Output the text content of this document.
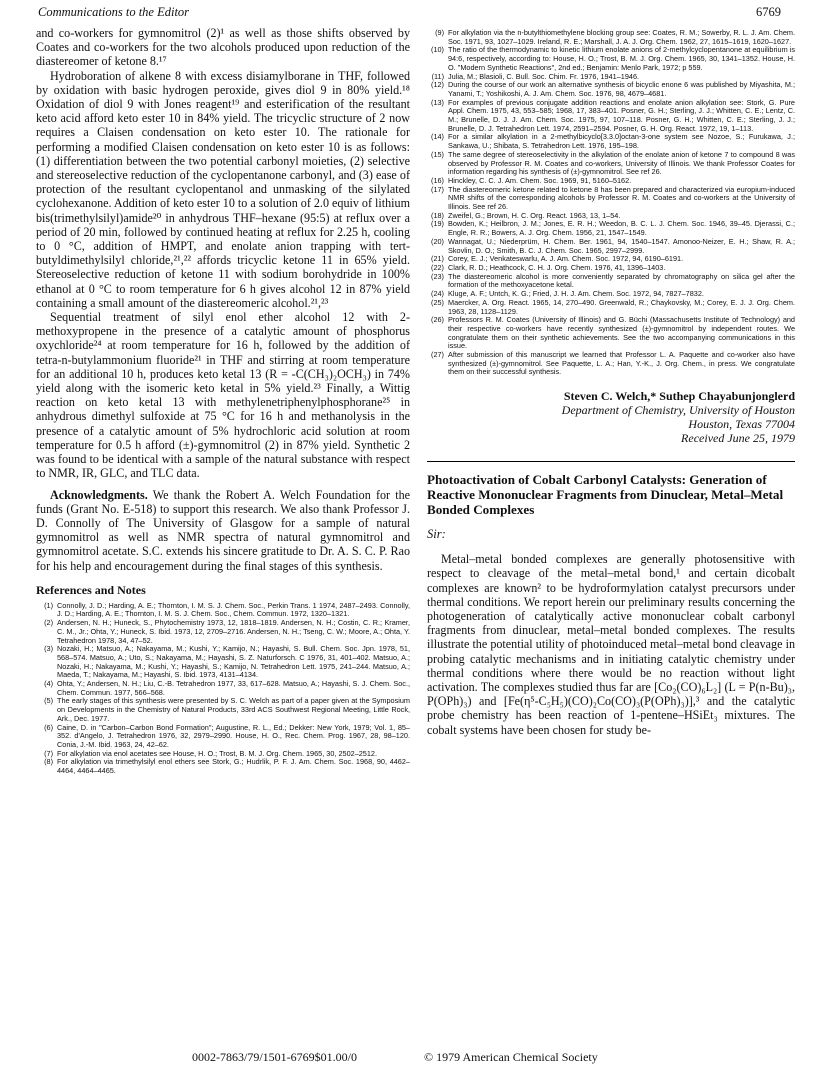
Communications to the Editor	6769

and co-workers for gymnomitrol (2)¹ as well as those shifts observed by Coates and co-workers for the two alcohols produced upon reduction of the diastereomer of ketone 8.¹⁷

Hydroboration of alkene 8 with excess disiamylborane in THF, followed by oxidation with basic hydrogen peroxide, gives diol 9 in 80% yield.¹⁸ Oxidation of diol 9 with Jones reagent¹⁹ and esterification of the resultant keto acid afford keto ester 10 in 84% yield. The tricyclic structure of 2 now requires a Claisen condensation on keto ester 10. The rationale for performing a modified Claisen condensation on keto ester 10 is as follows: (1) differentiation between the two potential carbonyl moieties, (2) selective and stereoselective reduction of the cyclopentanone carbonyl, and (3) ease of protection of the resultant cyclopentanol and unmasking of the silylated cyclohexanone. Addition of keto ester 10 to a solution of 2.0 equiv of lithium bis(trimethylsilyl)amide²⁰ in anhydrous THF–hexane (95:5) at reflux over a period of 20 min, followed by continued heating at reflux for 2.25 h, cooling to 0 °C, addition of HMPT, and enolate anion trapping with tert-butyldimethylsilyl chloride,²¹,²² affords tricyclic ketone 11 in 65% yield. Stereoselective reduction of ketone 11 with sodium borohydride in 100% ethanol at 0 °C to room temperature for 6 h gives alcohol 12 in 87% yield containing a small amount of the diastereomeric alcohol.²¹,²³

Sequential treatment of silyl enol ether alcohol 12 with 2-methoxypropene in the presence of a catalytic amount of phosphorus oxychloride²⁴ at room temperature for 16 h, followed by the addition of tetra-n-butylammonium fluoride²¹ in THF and stirring at room temperature for an additional 10 h, produces keto ketal 13 (R = -C(CH₃)₂OCH₃) in 74% yield along with the isomeric keto ketal in 5% yield.²³ Finally, a Wittig reaction on keto ketal 13 with methylenetriphenylphosphorane²⁵ in anhydrous dimethyl sulfoxide at 75 °C for 16 h and methanolysis in the presence of a catalytic amount of 5% hydrochloric acid solution at room temperature for 0.5 h afford (±)-gymnomitrol (2) in 87% yield. Synthetic 2 was found to be identical with a sample of the natural substance with respect to NMR, IR, GLC, and TLC data.

Acknowledgments. We thank the Robert A. Welch Foundation for the funds (Grant No. E-518) to support this research. We also thank Professor J. D. Connolly of The University of Glasgow for a sample of natural gymnomitrol as well as NMR spectra of natural gymnomitrol and gymnomitrol acetate. S.C. extends his sincere gratitude to Dr. A. S. C. P. Rao for his help and encouragement during the final stages of this synthesis.
References and Notes
(1) Connolly, J. D.; Harding, A. E.; Thornton, I. M. S. J. Chem. Soc., Perkin Trans. 1 1974, 2487–2493. Connolly, J. D.; Harding, A. E.; Thornton, I. M. S. J. Chem. Soc., Chem. Commun. 1972, 1320–1321.
(2) Andersen, N. H.; Huneck, S., Phytochemistry 1973, 12, 1818–1819. Andersen, N. H.; Costin, C. R.; Kramer, C. M., Jr.; Ohta, Y.; Huneck, S. Ibid. 1973, 12, 2709–2716. Andersen, N. H.; Tseng, C. W.; Moore, A.; Ohta, Y. Tetrahedron 1978, 34, 47–52.
(3) Nozaki, H.; Matsuo, A.; Nakayama, M.; Kushi, Y.; Kamijo, N.; Hayashi, S. Bull. Chem. Soc. Jpn. 1978, 51, 568–574. Matsuo, A.; Uto, S.; Nakayama, M.; Hayashi, S. Z. Naturforsch. C 1976, 31, 401–402. Matsuo, A.; Nozaki, H.; Nakayama, M.; Kushi, Y.; Hayashi, S.; Kamijo, N. Tetrahedron Lett. 1975, 241–244. Matsuo, A.; Maeda, T.; Nakayama, M.; Hayashi, S. Ibid. 1973, 4131–4134.
(4) Ohta, Y.; Andersen, N. H.; Liu, C.-B. Tetrahedron 1977, 33, 617–628. Matsuo, A.; Hayashi, S. J. Chem. Soc., Chem. Commun. 1977, 566–568.
(5) The early stages of this synthesis were presented by S. C. Welch as part of a paper given at the Symposium on Developments in the Chemistry of Natural Products, 33rd ACS Southwest Regional Meeting, Little Rock, Ark., Dec. 1977.
(6) Caine, D. in "Carbon–Carbon Bond Formation"; Augustine, R. L., Ed.; Dekker: New York, 1979; Vol. 1, 85–352. d'Angelo, J. Tetrahedron 1976, 32, 2979–2990. House, H. O., Rec. Chem. Prog. 1967, 28, 98–120. Conia, J.-M. Ibid. 1963, 24, 42–62.
(7) For alkylation via enol acetates see House, H. O.; Trost, B. M. J. Org. Chem. 1965, 30, 2502–2512.
(8) For alkylation via trimethylsilyl enol ethers see Stork, G.; Hudrlik, P. F. J. Am. Chem. Soc. 1968, 90, 4462–4464, 4464–4465.
(9) For alkylation via the n-butylthiomethylene blocking group see: Coates, R. M.; Sowerby, R. L. J. Am. Chem. Soc. 1971, 93, 1027–1029. Ireland, R. E.; Marshall, J. A. J. Org. Chem. 1962, 27, 1615–1619, 1620–1627.
(10) The ratio of the thermodynamic to kinetic lithium enolate anions of 2-methylcyclopentanone at equilibrium is 94:6, respectively, according to: House, H. O.; Trost, B. M. J. Org. Chem. 1965, 30, 1341–1352. House, H. O. "Modern Synthetic Reactions", 2nd ed.; Benjamin: Menlo Park, 1972; p 559.
(11) Julia, M.; Blasioli, C. Bull. Soc. Chim. Fr. 1976, 1941–1946.
(12) During the course of our work an alternative synthesis of bicyclic enone 6 was published by Miyashita, M.; Yanami, T.; Yoshikoshi, A. J. Am. Chem. Soc. 1976, 98, 4679–4681.
(13) For examples of previous conjugate addition reactions and enolate anion alkylation see: Stork, G. Pure Appl. Chem. 1975, 43, 553–585; 1968, 17, 383–401. Posner, G. H.; Sterling, J. J.; Whitten, C. E.; Lentz, C. M.; Brunelle, D. J. J. Am. Chem. Soc. 1975, 97, 107–118. Posner, G. H.; Whitten, C. E.; Sterling, J. J.; Brunelle, D. J. Tetrahedron Lett. 1974, 2591–2594. Posner, G. H. Org. React. 1972, 19, 1–113.
(14) For a similar alkylation in a 2-methylbicyclo[3.3.0]octan-3-one system see Nozoe, S.; Furukawa, J.; Sankawa, U.; Shibata, S. Tetrahedron Lett. 1976, 195–198.
(15) The same degree of stereoselectivity in the alkylation of the enolate anion of ketone 7 to compound 8 was observed by Professor R. M. Coates and co-workers, University of Illinois. We thank Professor Coates for information regarding his synthesis of (±)-gymnomitrol. See ref 26.
(16) Hinckley, C. C. J. Am. Chem. Soc. 1969, 91, 5160–5162.
(17) The diastereomeric ketone related to ketone 8 has been prepared and characterized via europium-induced NMR shifts of the corresponding alcohols by Professor R. M. Coates and co-workers at the University of Illinois. See ref 26.
(18) Zweifel, G.; Brown, H. C. Org. React. 1963, 13, 1–54.
(19) Bowden, K.; Heilbron, J. M.; Jones, E. R. H.; Weedon, B. C. L. J. Chem. Soc. 1946, 39–45. Djerassi, C.; Engle, R. R.; Bowers, A. J. Org. Chem. 1956, 21, 1547–1549.
(20) Wannagat, U.; Niederprüm, H. Chem. Ber. 1961, 94, 1540–1547. Amonoo-Neizer, E. H.; Shaw, R. A.; Skovlin, D. O.; Smith, B. C. J. Chem. Soc. 1965, 2997–2999.
(21) Corey, E. J.; Venkateswarlu, A. J. Am. Chem. Soc. 1972, 94, 6190–6191.
(22) Clark, R. D.; Heathcock, C. H. J. Org. Chem. 1976, 41, 1396–1403.
(23) The diastereomeric alcohol is more conveniently separated by chromatography on silica gel after the formation of the methoxyacetone ketal.
(24) Kluge, A. F.; Untch, K. G.; Fried, J. H. J. Am. Chem. Soc. 1972, 94, 7827–7832.
(25) Maercker, A. Org. React. 1965, 14, 270–490. Greenwald, R.; Chaykovsky, M.; Corey, E. J. J. Org. Chem. 1963, 28, 1128–1129.
(26) Professors R. M. Coates (University of Illinois) and G. Büchi (Massachusetts Institute of Technology) and their respective co-workers have recently synthesized (±)-gymnomitrol by independent routes. We congratulate them on their synthetic achievements. See the two accompanying communications in this issue.
(27) After submission of this manuscript we learned that Professor L. A. Paquette and co-worker also have synthesized (±)-gymnomitrol. See Paquette, L. A.; Han, Y.-K., J. Org. Chem., in press. We congratulate them on their successful synthesis.
Steven C. Welch,* Suthep Chayabunjonglerd
Department of Chemistry, University of Houston
Houston, Texas 77004
Received June 25, 1979
Photoactivation of Cobalt Carbonyl Catalysts: Generation of Reactive Mononuclear Fragments from Dinuclear, Metal–Metal Bonded Complexes
Sir:

Metal–metal bonded complexes are generally photosensitive with respect to cleavage of the metal–metal bond,¹ and certain dicobalt complexes are known² to be hydroformylation catalyst precursors under thermal conditions. We report herein our preliminary results concerning the photogeneration of catalytically active mononuclear cobalt carbonyl fragments from dinuclear, metal–metal bonded complexes. The results illustrate the potential utility of photoinduced metal–metal bond cleavage in probing catalytic mechanisms and in initiating catalytic chemistry under thermal conditions where there would be no reaction without light activation. The complexes studied thus far are [Co₂(CO)₆L₂] (L = P(n-Bu)₃, P(OPh)₃) and [Fe(η⁵-C₅H₅)(CO)₂Co(CO)₃(P(OPh)₃)],³ and the catalytic probe chemistry has been reaction of 1-pentene–HSiEt₃ mixtures. The cobalt systems have been chosen for study be-

0002-7863/79/1501-6769$01.00/0	© 1979 American Chemical Society
